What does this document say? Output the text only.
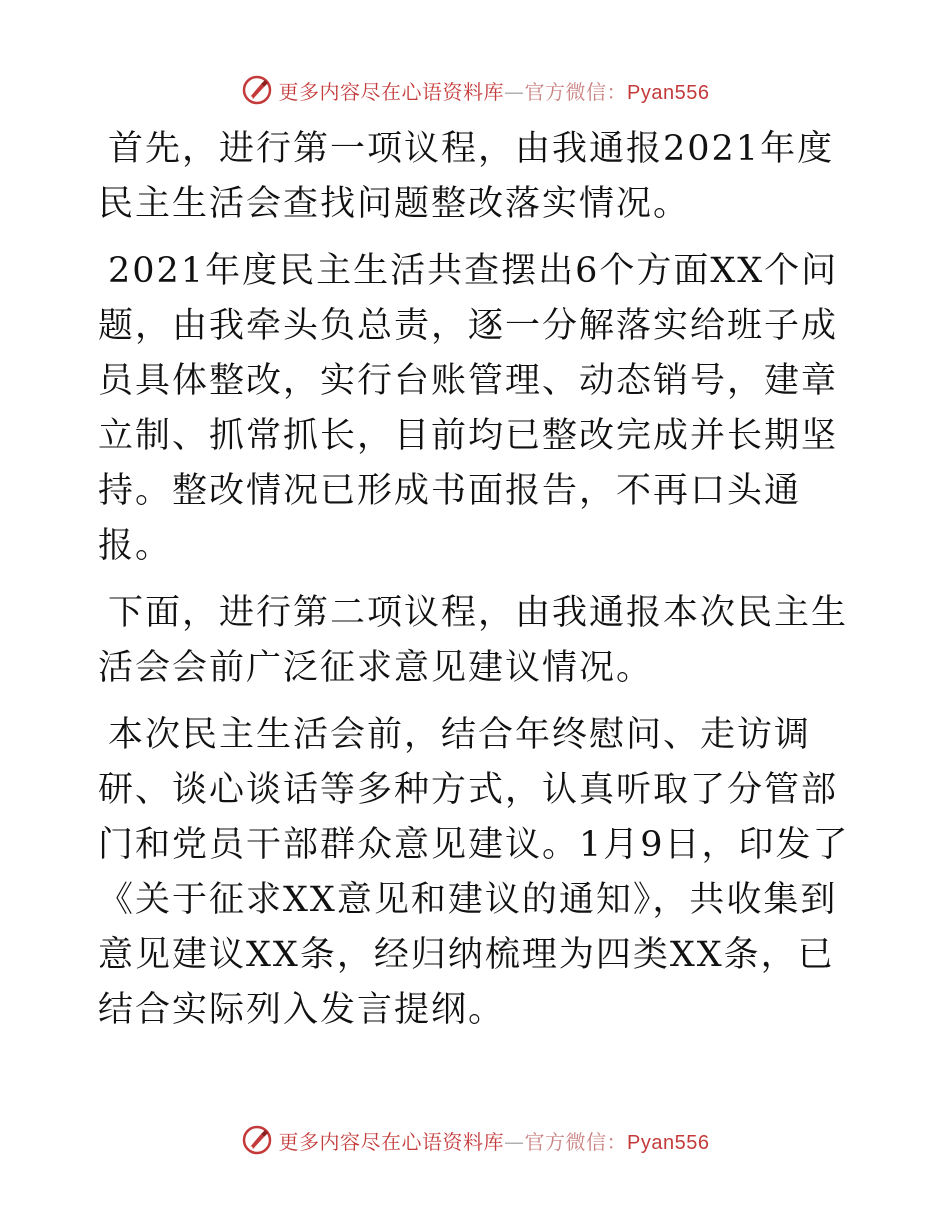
更多内容尽在心语资料库—官方微信：Pyan556

首先，进行第一项议程，由我通报2021年度民主生活会查找问题整改落实情况。

2021年度民主生活共查摆出6个方面XX个问题，由我牵头负总责，逐一分解落实给班子成员具体整改，实行台账管理、动态销号，建章立制、抓常抓长，目前均已整改完成并长期坚持。整改情况已形成书面报告，不再口头通报。

下面，进行第二项议程，由我通报本次民主生活会会前广泛征求意见建议情况。

本次民主生活会前，结合年终慰问、走访调研、谈心谈话等多种方式，认真听取了分管部门和党员干部群众意见建议。1月9日，印发了《关于征求XX意见和建议的通知》，共收集到意见建议XX条，经归纳梳理为四类XX条，已结合实际列入发言提纲。

更多内容尽在心语资料库—官方微信：Pyan556
